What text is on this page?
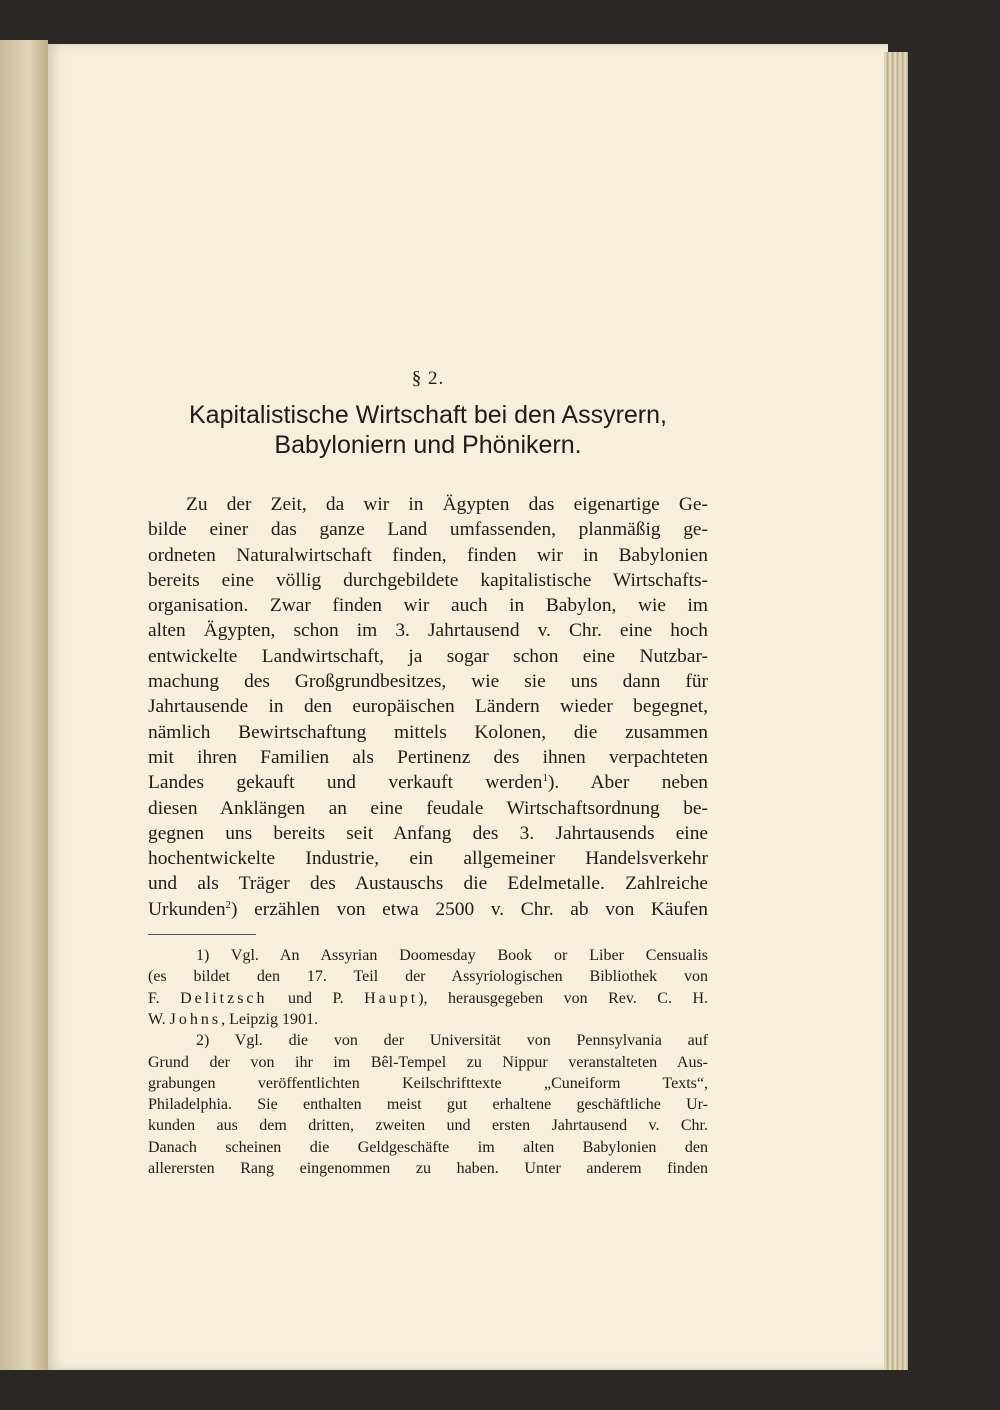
§ 2.
Kapitalistische Wirtschaft bei den Assyrern,
Babyloniern und Phönikern.
Zu der Zeit, da wir in Ägypten das eigenartige Ge-
bilde einer das ganze Land umfassenden, planmäßig ge-
ordneten Naturalwirtschaft finden, finden wir in Babylonien
bereits eine völlig durchgebildete kapitalistische Wirtschafts-
organisation. Zwar finden wir auch in Babylon, wie im
alten Ägypten, schon im 3. Jahrtausend v. Chr. eine hoch
entwickelte Landwirtschaft, ja sogar schon eine Nutzbar-
machung des Großgrundbesitzes, wie sie uns dann für
Jahrtausende in den europäischen Ländern wieder begegnet,
nämlich Bewirtschaftung mittels Kolonen, die zusammen
mit ihren Familien als Pertinenz des ihnen verpachteten
Landes gekauft und verkauft werden$^1$). Aber neben
diesen Anklängen an eine feudale Wirtschaftsordnung be-
gegnen uns bereits seit Anfang des 3. Jahrtausends eine
hochentwickelte Industrie, ein allgemeiner Handelsverkehr
und als Träger des Austauschs die Edelmetalle. Zahlreiche
Urkunden$^2$) erzählen von etwa 2500 v. Chr. ab von Käufen
1) Vgl. An Assyrian Doomesday Book or Liber Censualis
(es bildet den 17. Teil der Assyriologischen Bibliothek von
F. Delitzsch und P. Haupt), herausgegeben von Rev. C. H.
W. Johns, Leipzig 1901.
2) Vgl. die von der Universität von Pennsylvania auf
Grund der von ihr im Bêl-Tempel zu Nippur veranstalteten Aus-
grabungen veröffentlichten Keilschrifttexte „Cuneiform Texts“,
Philadelphia. Sie enthalten meist gut erhaltene geschäftliche Ur-
kunden aus dem dritten, zweiten und ersten Jahrtausend v. Chr.
Danach scheinen die Geldgeschäfte im alten Babylonien den
allerersten Rang eingenommen zu haben. Unter anderem finden
